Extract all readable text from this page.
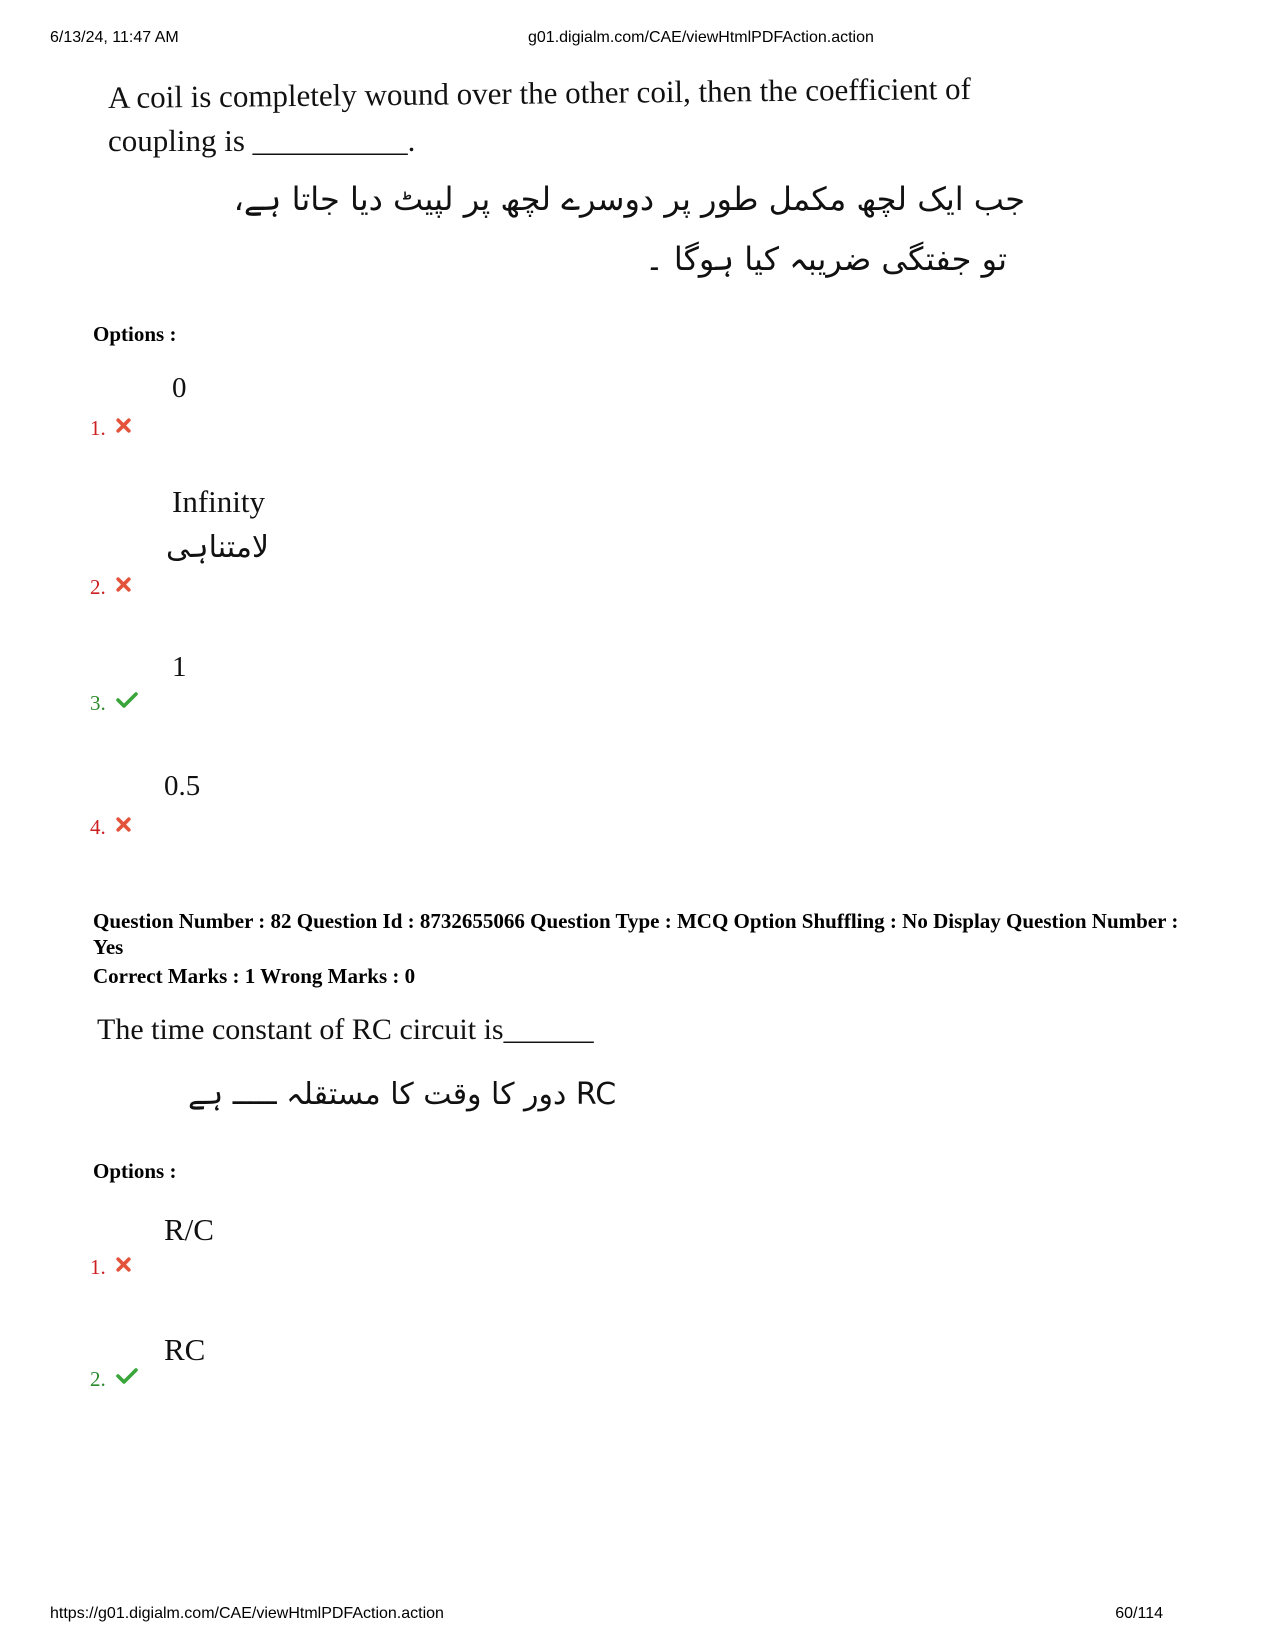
6/13/24, 11:47 AM	g01.digialm.com/CAE/viewHtmlPDFAction.action
A coil is completely wound over the other coil, then the coefficient of
coupling is __________.
جب ایک لچھ مکمل طور پر دوسرے لچھ پر لپیٹ دیا جاتا ہے،
تو جفتگی ضریبہ کیا ہوگا ۔
Options :
0
1.
Infinity
لامتناہی
2.
1
3.
0.5
4.
Question Number : 82 Question Id : 8732655066 Question Type : MCQ Option Shuffling : No Display Question Number : Yes
Correct Marks : 1 Wrong Marks : 0
The time constant of RC circuit is______
RC دور کا وقت کا مستقلہ ـــــ ہے
Options :
R/C
1.
RC
2.
https://g01.digialm.com/CAE/viewHtmlPDFAction.action	60/114
